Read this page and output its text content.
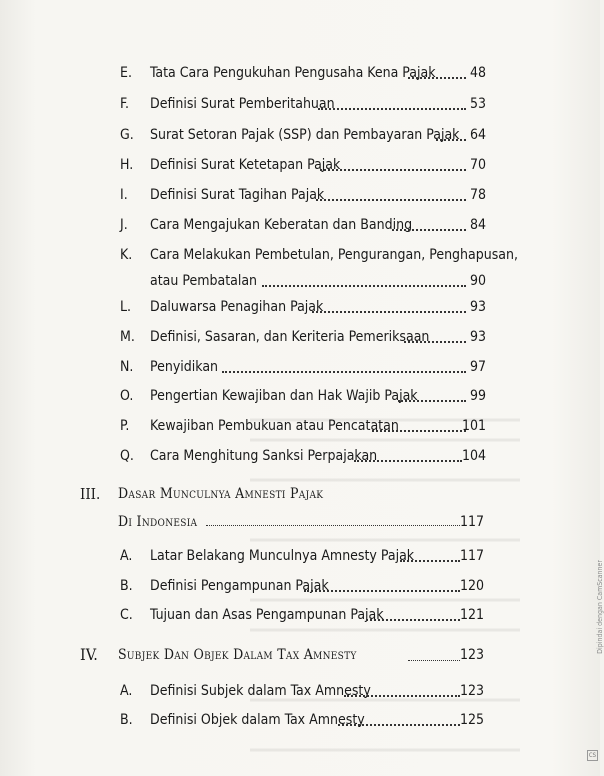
E. Tata Cara Pengukuhan Pengusaha Kena Pajak	48
F. Definisi Surat Pemberitahuan	53
G. Surat Setoran Pajak (SSP) dan Pembayaran Pajak 64
H. Definisi Surat Ketetapan Pajak	70
I. Definisi Surat Tagihan Pajak	78
J. Cara Mengajukan Keberatan dan Banding	84
K. Cara Melakukan Pembetulan, Pengurangan, Penghapusan,
atau Pembatalan	90
L. Daluwarsa Penagihan Pajak	93
M. Definisi, Sasaran, dan Keriteria Pemeriksaan	93
N. Penyidikan	97
O. Pengertian Kewajiban dan Hak Wajib Pajak	99
P. Kewajiban Pembukuan atau Pencatatan	101
Q. Cara Menghitung Sanksi Perpajakan	104
III. Dasar Munculnya Amnesti Pajak
Di Indonesia	117
A. Latar Belakang Munculnya Amnesty Pajak	117
B. Definisi Pengampunan Pajak	120
C. Tujuan dan Asas Pengampunan Pajak	121
IV. Subjek Dan Objek Dalam Tax Amnesty	123
A. Definisi Subjek dalam Tax Amnesty	123
B. Definisi Objek dalam Tax Amnesty	125
Dipindai dengan CamScanner
CS
